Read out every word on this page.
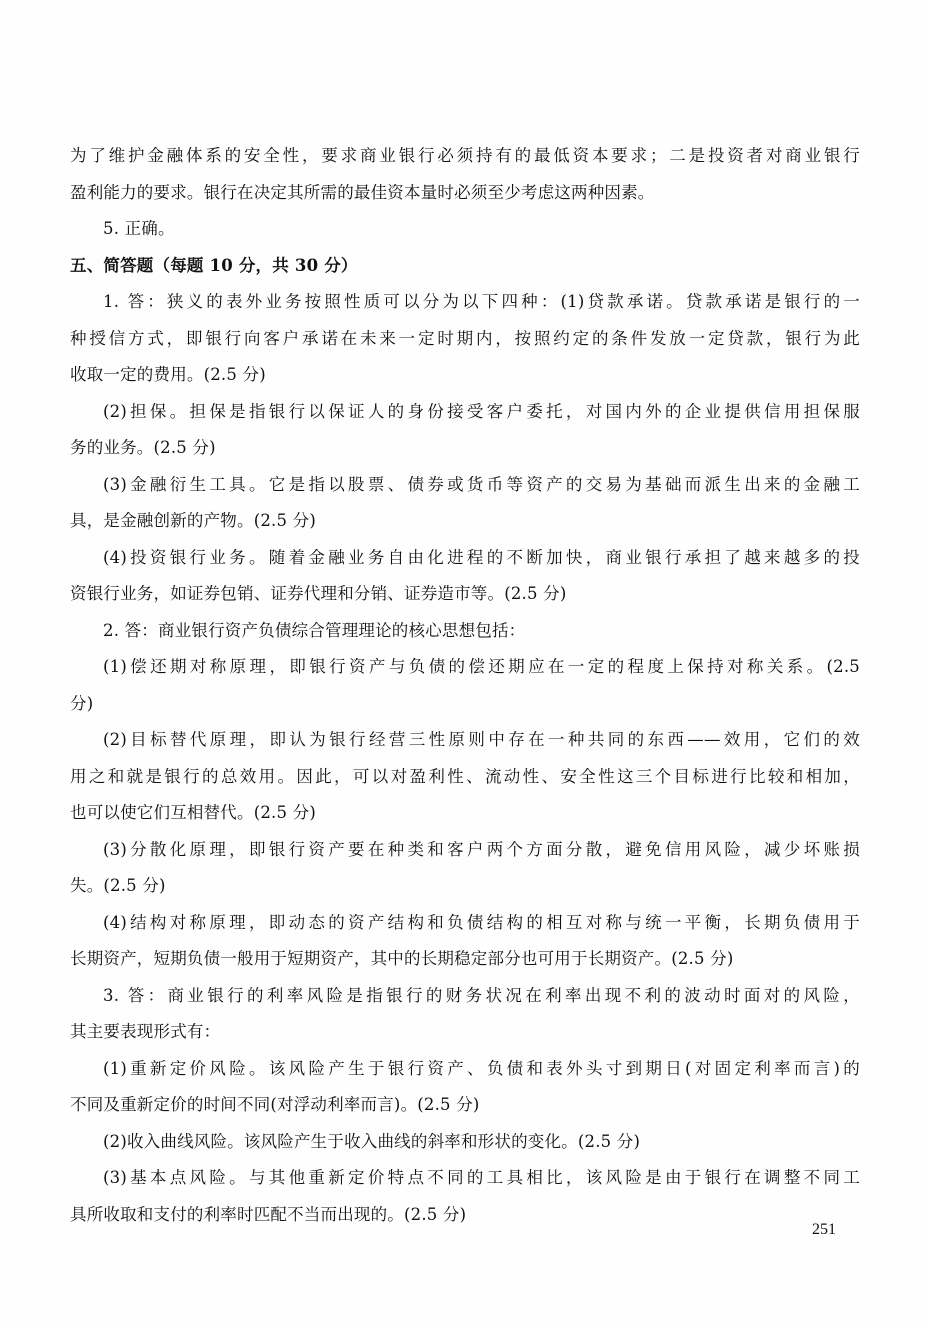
为了维护金融体系的安全性，要求商业银行必须持有的最低资本要求；二是投资者对商业银行
盈利能力的要求。银行在决定其所需的最佳资本量时必须至少考虑这两种因素。
5. 正确。
五、简答题（每题 10 分，共 30 分）
1. 答：狭义的表外业务按照性质可以分为以下四种：(1)贷款承诺。贷款承诺是银行的一
种授信方式，即银行向客户承诺在未来一定时期内，按照约定的条件发放一定贷款，银行为此
收取一定的费用。(2.5 分)
(2)担保。担保是指银行以保证人的身份接受客户委托，对国内外的企业提供信用担保服
务的业务。(2.5 分)
(3)金融衍生工具。它是指以股票、债券或货币等资产的交易为基础而派生出来的金融工
具，是金融创新的产物。(2.5 分)
(4)投资银行业务。随着金融业务自由化进程的不断加快，商业银行承担了越来越多的投
资银行业务，如证券包销、证券代理和分销、证券造市等。(2.5 分)
2. 答：商业银行资产负债综合管理理论的核心思想包括：
(1)偿还期对称原理，即银行资产与负债的偿还期应在一定的程度上保持对称关系。(2.5
分)
(2)目标替代原理，即认为银行经营三性原则中存在一种共同的东西——效用，它们的效
用之和就是银行的总效用。因此，可以对盈利性、流动性、安全性这三个目标进行比较和相加，
也可以使它们互相替代。(2.5 分)
(3)分散化原理，即银行资产要在种类和客户两个方面分散，避免信用风险，减少坏账损
失。(2.5 分)
(4)结构对称原理，即动态的资产结构和负债结构的相互对称与统一平衡，长期负债用于
长期资产，短期负债一般用于短期资产，其中的长期稳定部分也可用于长期资产。(2.5 分)
3. 答：商业银行的利率风险是指银行的财务状况在利率出现不利的波动时面对的风险，
其主要表现形式有：
(1)重新定价风险。该风险产生于银行资产、负债和表外头寸到期日(对固定利率而言)的
不同及重新定价的时间不同(对浮动利率而言)。(2.5 分)
(2)收入曲线风险。该风险产生于收入曲线的斜率和形状的变化。(2.5 分)
(3)基本点风险。与其他重新定价特点不同的工具相比，该风险是由于银行在调整不同工
具所收取和支付的利率时匹配不当而出现的。(2.5 分)
251
